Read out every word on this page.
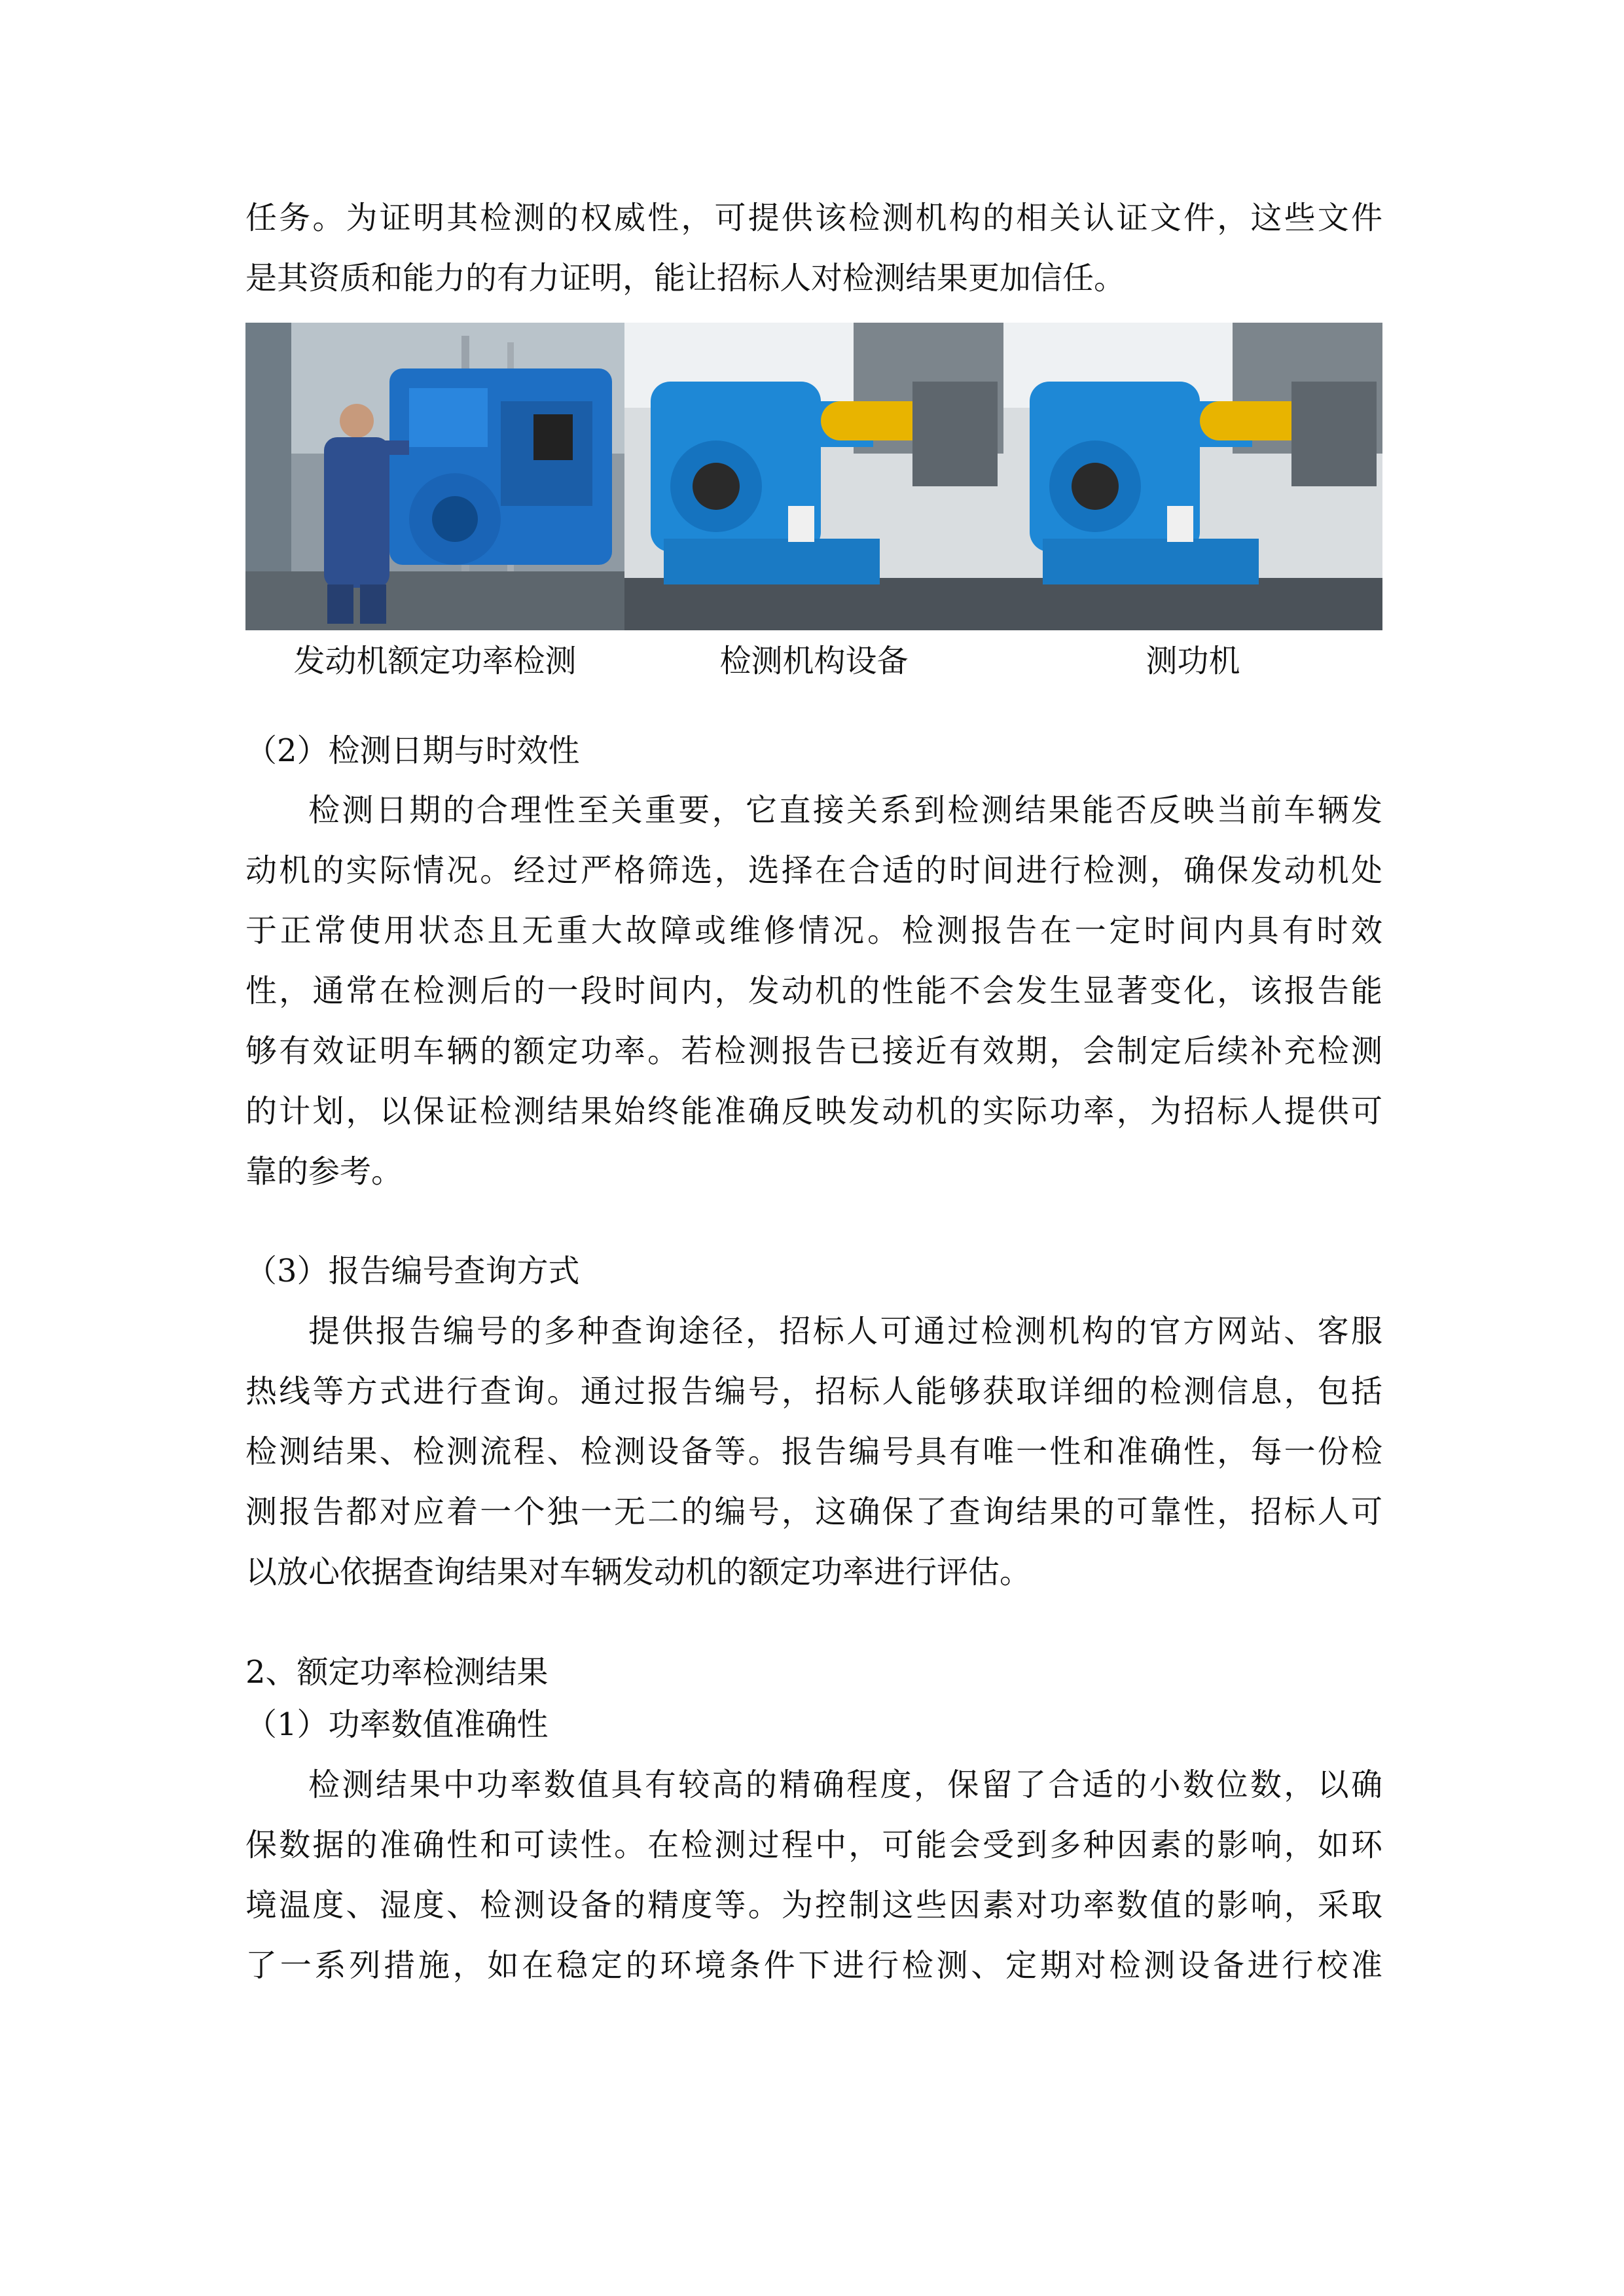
任务。为证明其检测的权威性，可提供该检测机构的相关认证文件，这些文件

是其资质和能力的有力证明，能让招标人对检测结果更加信任。

发动机额定功率检测	检测机构设备	测功机
（2）检测日期与时效性

检测日期的合理性至关重要，它直接关系到检测结果能否反映当前车辆发

动机的实际情况。经过严格筛选，选择在合适的时间进行检测，确保发动机处

于正常使用状态且无重大故障或维修情况。检测报告在一定时间内具有时效

性，通常在检测后的一段时间内，发动机的性能不会发生显著变化，该报告能

够有效证明车辆的额定功率。若检测报告已接近有效期，会制定后续补充检测

的计划，以保证检测结果始终能准确反映发动机的实际功率，为招标人提供可

靠的参考。

（3）报告编号查询方式

提供报告编号的多种查询途径，招标人可通过检测机构的官方网站、客服

热线等方式进行查询。通过报告编号，招标人能够获取详细的检测信息，包括

检测结果、检测流程、检测设备等。报告编号具有唯一性和准确性，每一份检

测报告都对应着一个独一无二的编号，这确保了查询结果的可靠性，招标人可

以放心依据查询结果对车辆发动机的额定功率进行评估。

2、额定功率检测结果
（1）功率数值准确性

检测结果中功率数值具有较高的精确程度，保留了合适的小数位数，以确

保数据的准确性和可读性。在检测过程中，可能会受到多种因素的影响，如环

境温度、湿度、检测设备的精度等。为控制这些因素对功率数值的影响，采取

了一系列措施，如在稳定的环境条件下进行检测、定期对检测设备进行校准
